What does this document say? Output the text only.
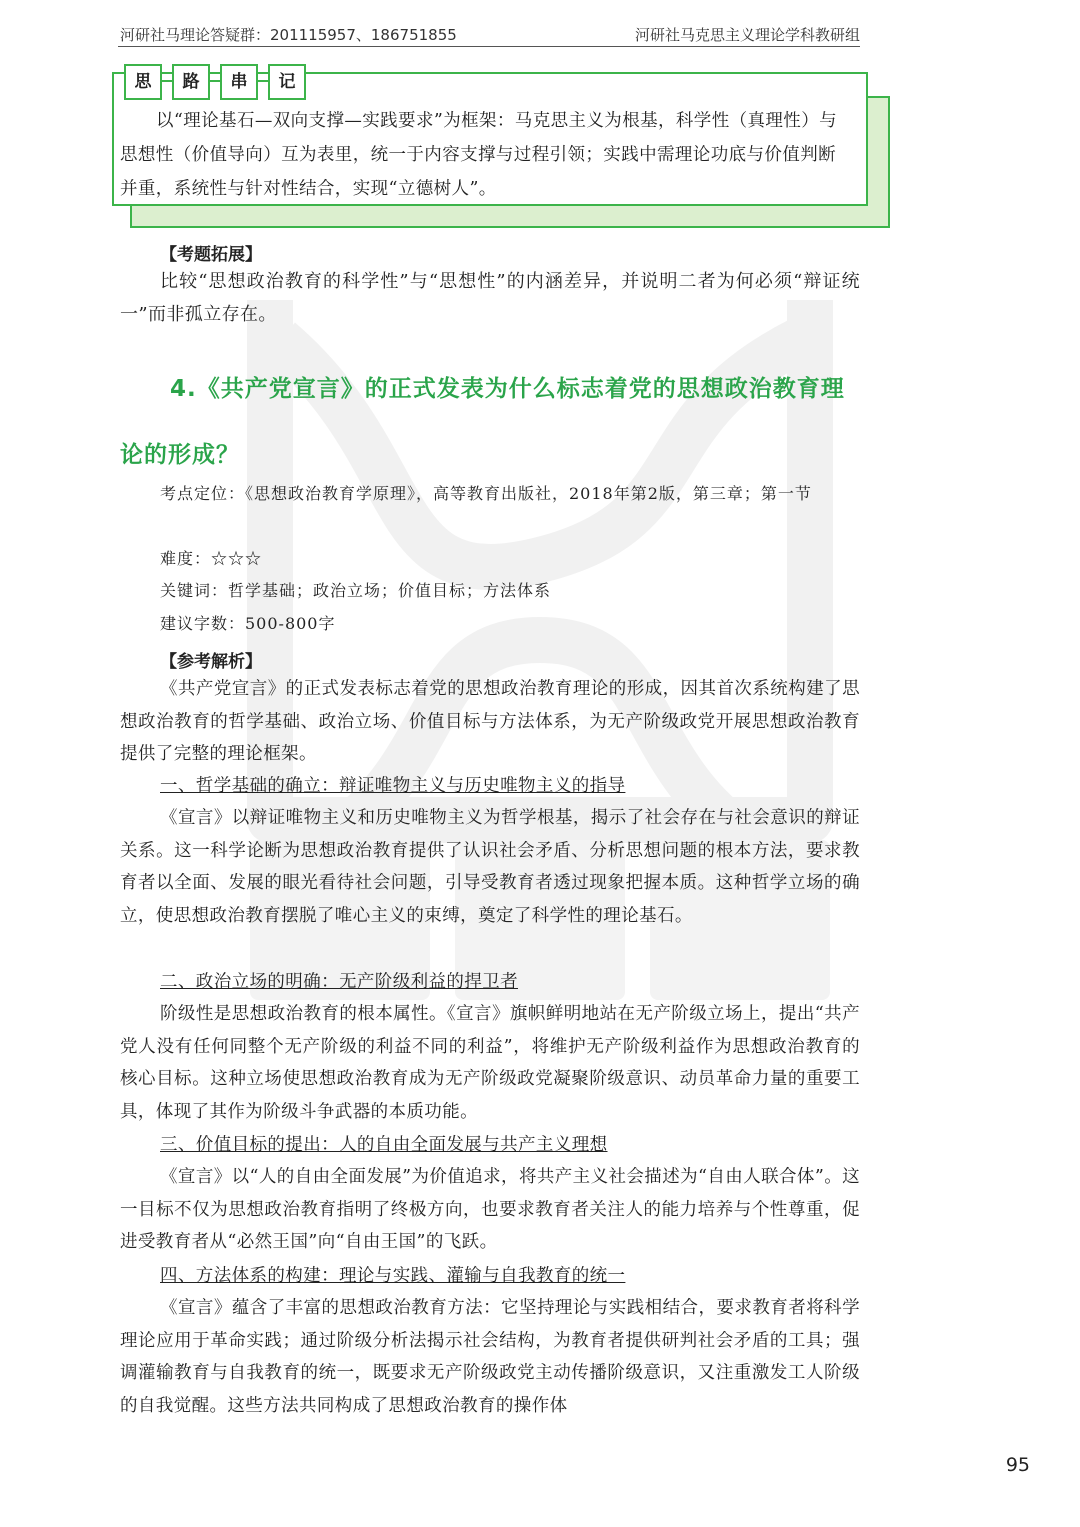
河研社马理论答疑群：201115957、186751855	河研社马克思主义理论学科教研组
思	路	串	记
以“理论基石—双向支撑—实践要求”为框架：马克思主义为根基，科学性（真理性）与思想性（价值导向）互为表里，统一于内容支撑与过程引领；实践中需理论功底与价值判断并重，系统性与针对性结合，实现“立德树人”。
【考题拓展】
比较“思想政治教育的科学性”与“思想性”的内涵差异，并说明二者为何必须“辩证统一”而非孤立存在。
4.《共产党宣言》的正式发表为什么标志着党的思想政治教育理论的形成？
考点定位：《思想政治教育学原理》，高等教育出版社，2018年第2版，第三章；第一节
难度：☆☆☆
关键词：哲学基础；政治立场；价值目标；方法体系
建议字数：500-800字
【参考解析】
《共产党宣言》的正式发表标志着党的思想政治教育理论的形成，因其首次系统构建了思想政治教育的哲学基础、政治立场、价值目标与方法体系，为无产阶级政党开展思想政治教育提供了完整的理论框架。
一、哲学基础的确立：辩证唯物主义与历史唯物主义的指导
《宣言》以辩证唯物主义和历史唯物主义为哲学根基，揭示了社会存在与社会意识的辩证关系。这一科学论断为思想政治教育提供了认识社会矛盾、分析思想问题的根本方法，要求教育者以全面、发展的眼光看待社会问题，引导受教育者透过现象把握本质。这种哲学立场的确立，使思想政治教育摆脱了唯心主义的束缚，奠定了科学性的理论基石。
二、政治立场的明确：无产阶级利益的捍卫者
阶级性是思想政治教育的根本属性。《宣言》旗帜鲜明地站在无产阶级立场上，提出“共产党人没有任何同整个无产阶级的利益不同的利益”，将维护无产阶级利益作为思想政治教育的核心目标。这种立场使思想政治教育成为无产阶级政党凝聚阶级意识、动员革命力量的重要工具，体现了其作为阶级斗争武器的本质功能。
三、价值目标的提出：人的自由全面发展与共产主义理想
《宣言》以“人的自由全面发展”为价值追求，将共产主义社会描述为“自由人联合体”。这一目标不仅为思想政治教育指明了终极方向，也要求教育者关注人的能力培养与个性尊重，促进受教育者从“必然王国”向“自由王国”的飞跃。
四、方法体系的构建：理论与实践、灌输与自我教育的统一
《宣言》蕴含了丰富的思想政治教育方法：它坚持理论与实践相结合，要求教育者将科学理论应用于革命实践；通过阶级分析法揭示社会结构，为教育者提供研判社会矛盾的工具；强调灌输教育与自我教育的统一，既要求无产阶级政党主动传播阶级意识，又注重激发工人阶级的自我觉醒。这些方法共同构成了思想政治教育的操作体
95
